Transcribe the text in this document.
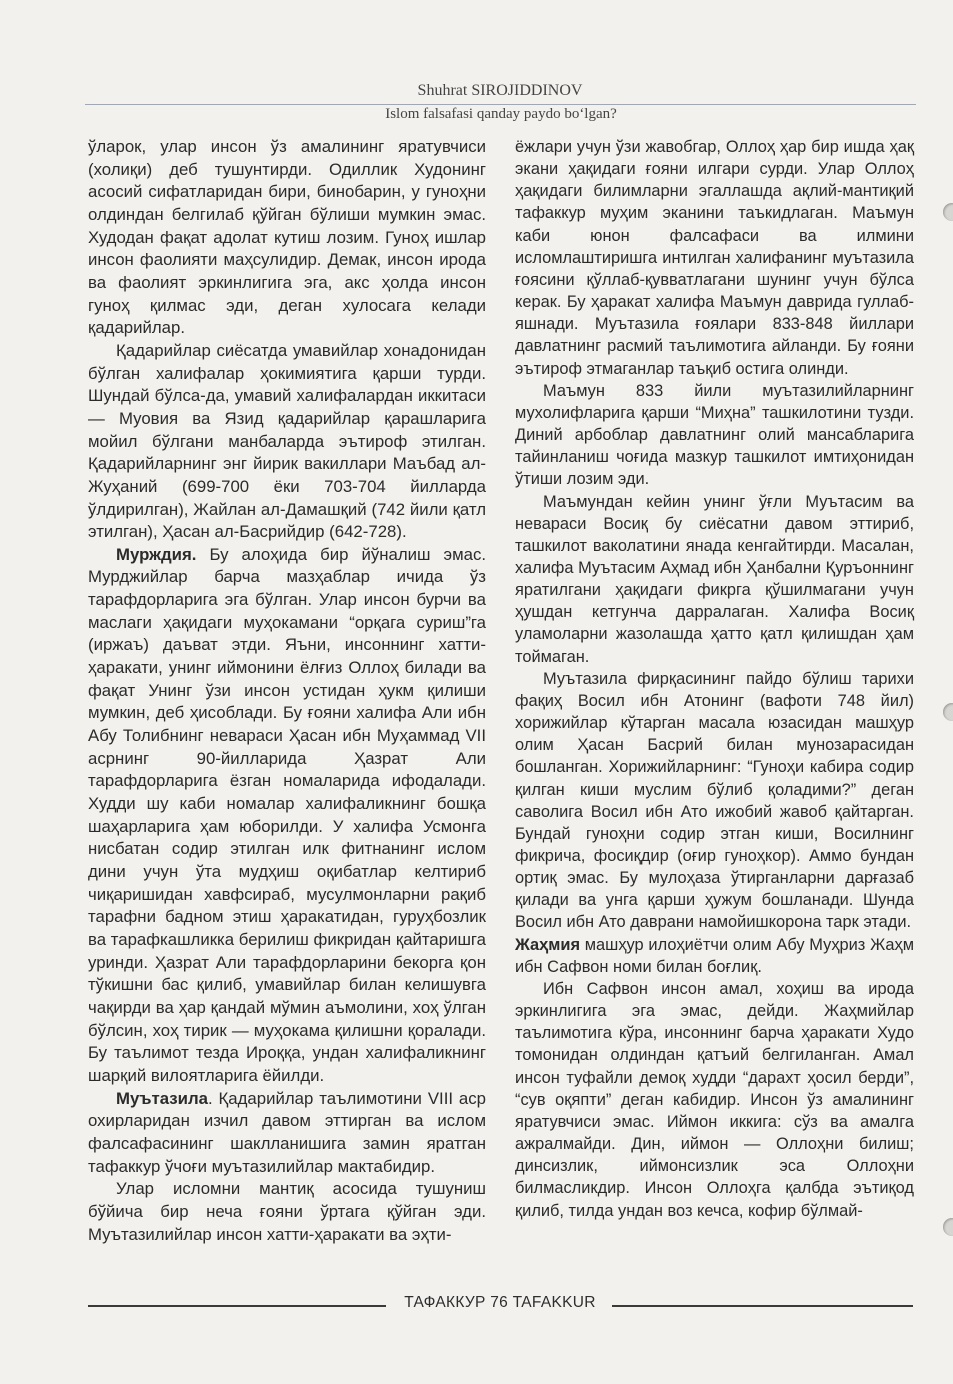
Shuhrat SIROJIDDINOV
Islom falsafasi qanday paydo bo‘lgan?

ўларок, улар инсон ўз амалининг яратувчиси (холиқи) деб тушунтирди. Одиллик Худонинг асосий сифатларидан бири, бинобарин, у гуноҳни олдиндан белгилаб қўйган бўлиши мумкин эмас. Худодан фақат адолат кутиш лозим. Гуноҳ ишлар инсон фаолияти маҳсулидир. Демак, инсон ирода ва фаолият эркинлигига эга, акс ҳолда инсон гуноҳ қилмас эди, деган хулосага келади қадарийлар.

Қадарийлар сиёсатда умавийлар хонадонидан бўлган халифалар ҳокимиятига қарши турди. Шундай бўлса-да, умавий халифалардан иккитаси — Муовия ва Язид қадарийлар қарашларига мойил бўлгани манбаларда эътироф этилган. Қадарийларнинг энг йирик вакиллари Маъбад ал-Жуҳаний (699-700 ёки 703-704 йилларда ўлдирилган), Жайлан ал-Дамашқий (742 йили қатл этилган), Ҳасан ал-Басрийдир (642-728).

Мурждия. Бу алоҳида бир йўналиш эмас. Мурджийлар барча мазҳаблар ичида ўз тарафдорларига эга бўлган. Улар инсон бурчи ва маслаги ҳақидаги муҳокамани “орқага суриш”га (иржаъ) даъват этди. Яъни, инсоннинг хатти-ҳаракати, унинг иймонини ёлғиз Оллоҳ билади ва фақат Унинг ўзи инсон устидан ҳукм қилиши мумкин, деб ҳисоблади. Бу ғояни халифа Али ибн Абу Толибнинг невараси Ҳасан ибн Муҳаммад VII асрнинг 90-йилларида Ҳазрат Али тарафдорларига ёзган номаларида ифодалади. Худди шу каби номалар халифаликнинг бошқа шаҳарларига ҳам юборилди. У халифа Усмонга нисбатан содир этилган илк фитнанинг ислом дини учун ўта мудҳиш оқибатлар келтириб чиқаришидан хавфсираб, мусулмонларни рақиб тарафни бадном этиш ҳаракатидан, гуруҳбозлик ва тарафкашликка берилиш фикридан қайтаришга уринди. Ҳазрат Али тарафдорларини бекорга қон тўкишни бас қилиб, умавийлар билан келишувга чақирди ва ҳар қандай мўмин аъмолини, хоҳ ўлган бўлсин, хоҳ тирик — муҳокама қилишни қоралади. Бу таълимот тезда Ироққа, ундан халифаликнинг шарқий вилоятларига ёйилди.

Муътазила. Қадарийлар таълимотини VIII аср охирларидан изчил давом эттирган ва ислом фалсафасининг шаклланишига замин яратган тафаккур ўчоғи муътазилийлар мактабидир.

Улар исломни мантиқ асосида тушуниш бўйича бир неча ғояни ўртага қўйган эди. Муътазилийлар инсон хатти-ҳаракати ва эҳти-

ёжлари учун ўзи жавобгар, Оллоҳ ҳар бир ишда ҳақ экани ҳақидаги ғояни илгари сурди. Улар Оллоҳ ҳақидаги билимларни эгаллашда ақлий-мантиқий тафаккур муҳим эканини таъкидлаган. Маъмун каби юнон фалсафаси ва илмини исломлаштиришга интилган халифанинг муътазила ғоясини қўллаб-қувватлагани шунинг учун бўлса керак. Бу ҳаракат халифа Маъмун даврида гуллаб-яшнади. Муътазила ғоялари 833-848 йиллари давлатнинг расмий таълимотига айланди. Бу ғояни эътироф этмаганлар таъқиб остига олинди.

Маъмун 833 йили муътазилийларнинг мухолифларига қарши “Миҳна” ташкилотини тузди. Диний арбоблар давлатнинг олий мансабларига тайинланиш чоғида мазкур ташкилот имтиҳонидан ўтиши лозим эди.

Маъмундан кейин унинг ўғли Муътасим ва невараси Восиқ бу сиёсатни давом эттириб, ташкилот ваколатини янада кенгайтирди. Масалан, халифа Муътасим Аҳмад ибн Ҳанбални Қуръоннинг яратилгани ҳақидаги фикрга қўшилмагани учун ҳушдан кетгунча дарралаган. Халифа Восиқ уламоларни жазолашда ҳатто қатл қилишдан ҳам тоймаган.

Муътазила фирқасининг пайдо бўлиш тарихи фақиҳ Восил ибн Атонинг (вафоти 748 йил) хорижийлар кўтарган масала юзасидан машҳур олим Ҳасан Басрий билан мунозарасидан бошланган. Хорижийларнинг: “Гуноҳи кабира содир қилган киши муслим бўлиб қоладими?” деган саволига Восил ибн Ато ижобий жавоб қайтарган. Бундай гуноҳни содир этган киши, Восилнинг фикрича, фосиқдир (оғир гуноҳкор). Аммо бундан ортиқ эмас. Бу мулоҳаза ўтирганларни дарғазаб қилади ва унга қарши ҳужум бошланади. Шунда Восил ибн Ато даврани намойишкорона тарк этади.

Жаҳмия машҳур илоҳиётчи олим Абу Муҳриз Жаҳм ибн Сафвон номи билан боғлиқ.

Ибн Сафвон инсон амал, хоҳиш ва ирода эркинлигига эга эмас, дейди. Жаҳмийлар таълимотига кўра, инсоннинг барча ҳаракати Худо томонидан олдиндан қатъий белгиланган. Амал инсон туфайли демоқ худди “дарахт ҳосил берди”, “сув оқяпти” деган кабидир. Инсон ўз амалининг яратувчиси эмас. Иймон иккига: сўз ва амалга ажралмайди. Дин, иймон — Оллоҳни билиш; динсизлик, иймонсизлик эса Оллоҳни билмасликдир. Инсон Оллоҳга қалбда эътиқод қилиб, тилда ундан воз кечса, кофир бўлмай-

ТАФАККУР 76 TAFAKKUR
